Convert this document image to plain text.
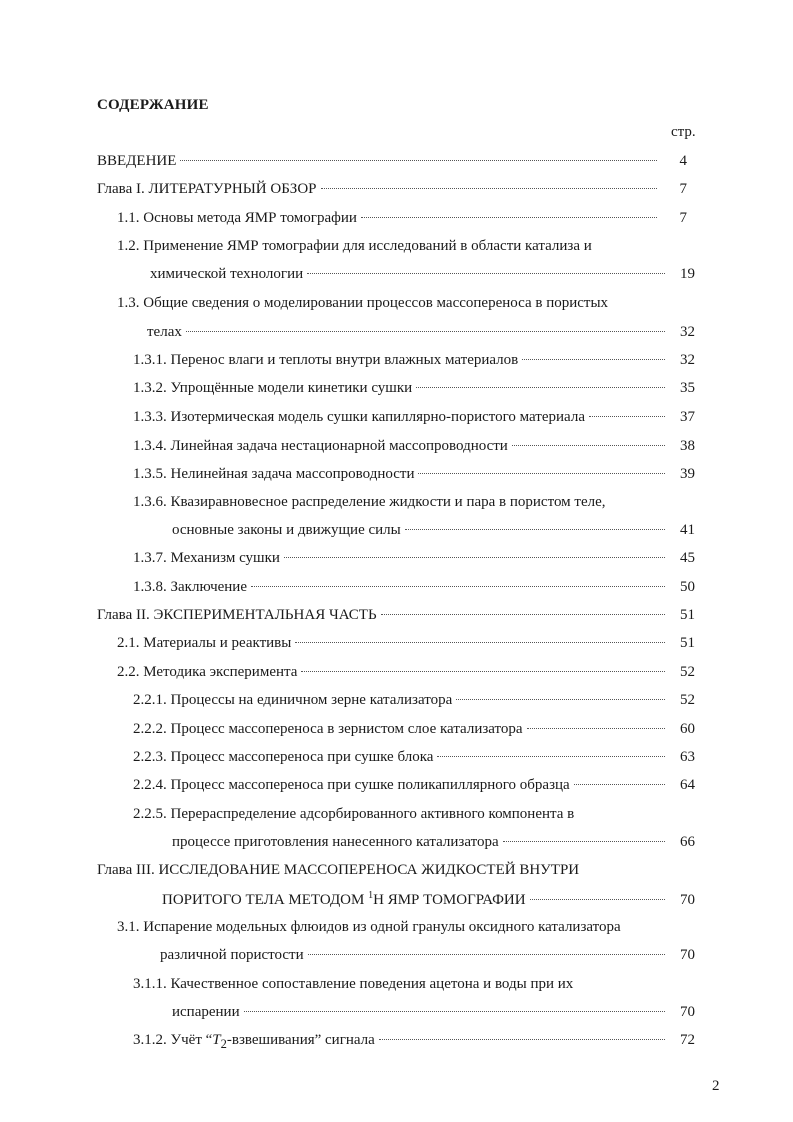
СОДЕРЖАНИЕ
стр.
ВВЕДЕНИЕ	4
Глава I. ЛИТЕРАТУРНЫЙ ОБЗОР	7
1.1. Основы метода ЯМР томографии	7
1.2. Применение ЯМР томографии для исследований в области катализа и
химической технологии	19
1.3. Общие сведения о моделировании процессов массопереноса в пористых
телах	32
1.3.1. Перенос влаги и теплоты внутри влажных материалов	32
1.3.2. Упрощённые модели кинетики сушки	35
1.3.3. Изотермическая модель сушки капиллярно-пористого материала	37
1.3.4. Линейная задача нестационарной массопроводности	38
1.3.5. Нелинейная задача массопроводности	39
1.3.6. Квазиравновесное распределение жидкости и пара в пористом теле,
основные законы и движущие силы	41
1.3.7. Механизм сушки	45
1.3.8. Заключение	50
Глава II. ЭКСПЕРИМЕНТАЛЬНАЯ ЧАСТЬ	51
2.1. Материалы и реактивы	51
2.2. Методика эксперимента	52
2.2.1. Процессы на единичном зерне катализатора	52
2.2.2. Процесс массопереноса в зернистом слое катализатора	60
2.2.3. Процесс массопереноса при сушке блока	63
2.2.4. Процесс массопереноса при сушке поликапиллярного образца	64
2.2.5. Перераспределение адсорбированного активного компонента в
процессе приготовления нанесенного катализатора	66
Глава III. ИССЛЕДОВАНИЕ МАССОПЕРЕНОСА ЖИДКОСТЕЙ ВНУТРИ
ПОРИТОГО ТЕЛА МЕТОДОМ $^1$Н ЯМР ТОМОГРАФИИ	70
3.1. Испарение модельных флюидов из одной гранулы оксидного катализатора
различной пористости	70
3.1.1. Качественное сопоставление поведения ацетона и воды при их
испарении	70
3.1.2. Учёт “$T_2$-взвешивания” сигнала	72
2
